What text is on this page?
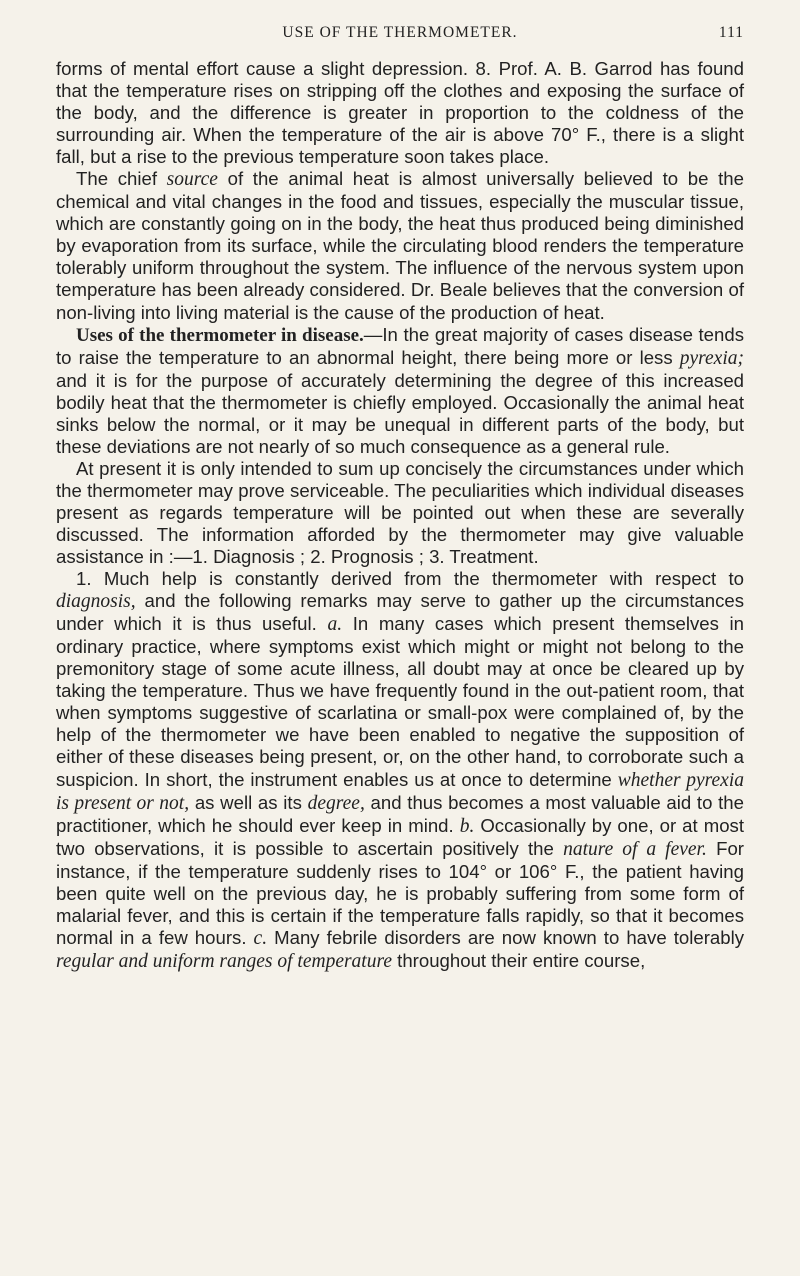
USE OF THE THERMOMETER.	111

forms of mental effort cause a slight depression. 8. Prof. A. B. Garrod has found that the temperature rises on stripping off the clothes and exposing the surface of the body, and the difference is greater in proportion to the coldness of the surrounding air. When the temperature of the air is above 70° F., there is a slight fall, but a rise to the previous temperature soon takes place.

The chief source of the animal heat is almost universally believed to be the chemical and vital changes in the food and tissues, especially the muscular tissue, which are constantly going on in the body, the heat thus produced being diminished by evaporation from its surface, while the circulating blood renders the temperature tolerably uniform throughout the system. The influence of the nervous system upon temperature has been already considered. Dr. Beale believes that the conversion of non-living into living material is the cause of the production of heat.

Uses of the thermometer in disease.—In the great majority of cases disease tends to raise the temperature to an abnormal height, there being more or less pyrexia; and it is for the purpose of accurately determining the degree of this increased bodily heat that the thermometer is chiefly employed. Occasionally the animal heat sinks below the normal, or it may be unequal in different parts of the body, but these deviations are not nearly of so much consequence as a general rule.

At present it is only intended to sum up concisely the circumstances under which the thermometer may prove serviceable. The peculiarities which individual diseases present as regards temperature will be pointed out when these are severally discussed. The information afforded by the thermometer may give valuable assistance in :—1. Diagnosis ; 2. Prognosis ; 3. Treatment.

1. Much help is constantly derived from the thermometer with respect to diagnosis, and the following remarks may serve to gather up the circumstances under which it is thus useful. a. In many cases which present themselves in ordinary practice, where symptoms exist which might or might not belong to the premonitory stage of some acute illness, all doubt may at once be cleared up by taking the temperature. Thus we have frequently found in the out-patient room, that when symptoms suggestive of scarlatina or small-pox were complained of, by the help of the thermometer we have been enabled to negative the supposition of either of these diseases being present, or, on the other hand, to corroborate such a suspicion. In short, the instrument enables us at once to determine whether pyrexia is present or not, as well as its degree, and thus becomes a most valuable aid to the practitioner, which he should ever keep in mind. b. Occasionally by one, or at most two observations, it is possible to ascertain positively the nature of a fever. For instance, if the temperature suddenly rises to 104° or 106° F., the patient having been quite well on the previous day, he is probably suffering from some form of malarial fever, and this is certain if the temperature falls rapidly, so that it becomes normal in a few hours. c. Many febrile disorders are now known to have tolerably regular and uniform ranges of temperature throughout their entire course,
